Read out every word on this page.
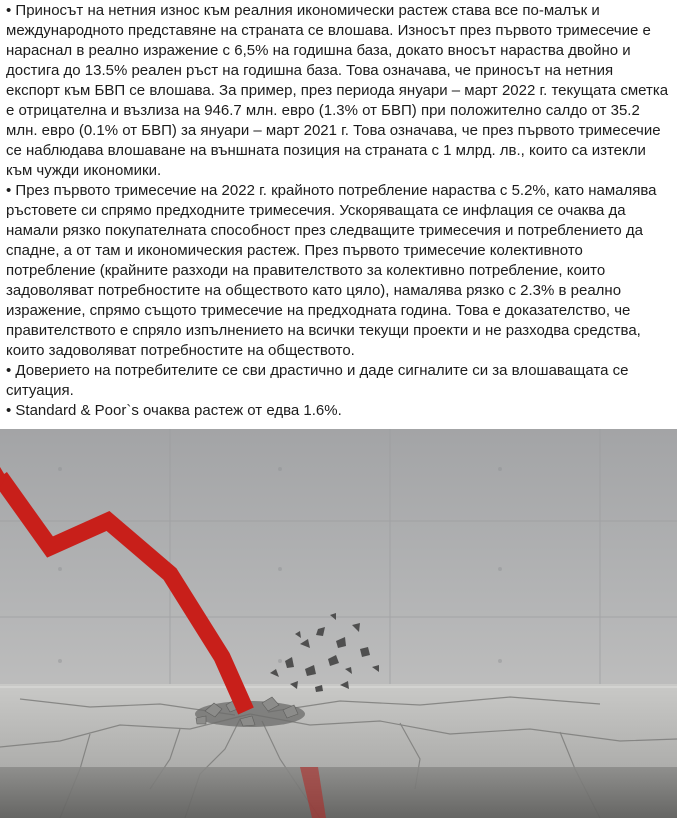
• Приносът на нетния износ към реалния икономически растеж става все по-малък и международното представяне на страната се влошава. Износът през първото тримесечие е нараснал в реално изражение с 6,5% на годишна база, докато вносът нараства двойно и достига до 13.5% реален ръст на годишна база. Това означава, че приносът на нетния експорт към БВП се влошава. За пример, през периода януари – март 2022 г. текущата сметка е отрицателна и възлиза на 946.7 млн. евро (1.3% от БВП) при положително салдо от 35.2 млн. евро (0.1% от БВП) за януари – март 2021 г. Това означава, че през първото тримесечие се наблюдава влошаване на външната позиция на страната с 1 млрд. лв., които са изтекли към чужди икономики.

• През първото тримесечие на 2022 г. крайното потребление нараства с 5.2%, като намалява ръстовете си спрямо предходните тримесечия. Ускоряващата се инфлация се очаква да намали рязко покупателната способност през следващите тримесечия и потреблението да спадне, а от там и икономическия растеж. През първото тримесечие колективното потребление (крайните разходи на правителството за колективно потребление, които задоволяват потребностите на обществото като цяло), намалява рязко с 2.3% в реално изражение, спрямо същото тримесечие на предходната година. Това е доказателство, че правителството е спряло изпълнението на всички текущи проекти и не разходва средства, които задоволяват потребностите на обществото.

• Доверието на потребителите се сви драстично и даде сигналите си за влошаващата се ситуация.

• Standard & Poor`s очаква растеж от едва 1.6%.
